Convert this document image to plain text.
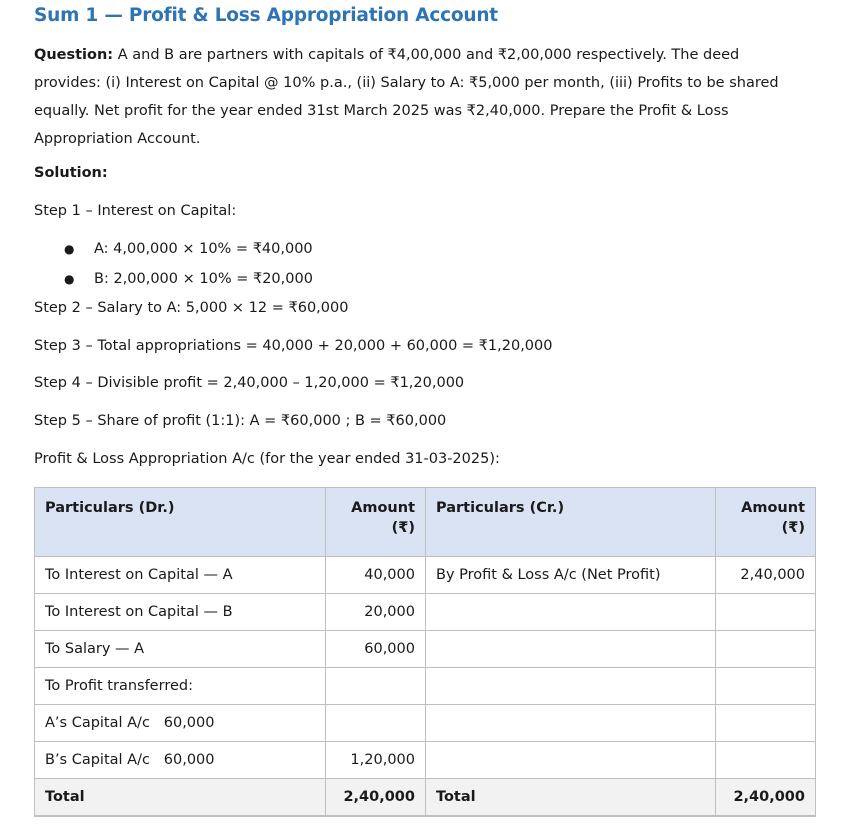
Sum 1 — Profit & Loss Appropriation Account

Question: A and B are partners with capitals of ₹4,00,000 and ₹2,00,000 respectively. The deed provides: (i) Interest on Capital @ 10% p.a., (ii) Salary to A: ₹5,000 per month, (iii) Profits to be shared equally. Net profit for the year ended 31st March 2025 was ₹2,40,000. Prepare the Profit & Loss Appropriation Account.

Solution:
Step 1 – Interest on Capital:
● A: 4,00,000 × 10% = ₹40,000
● B: 2,00,000 × 10% = ₹20,000
Step 2 – Salary to A: 5,000 × 12 = ₹60,000
Step 3 – Total appropriations = 40,000 + 20,000 + 60,000 = ₹1,20,000
Step 4 – Divisible profit = 2,40,000 – 1,20,000 = ₹1,20,000
Step 5 – Share of profit (1:1): A = ₹60,000 ; B = ₹60,000
Profit & Loss Appropriation A/c (for the year ended 31-03-2025):
Particulars (Dr.)	Amount (₹)	Particulars (Cr.)	Amount (₹)
To Interest on Capital — A	40,000	By Profit & Loss A/c (Net Profit)	2,40,000
To Interest on Capital — B	20,000		
To Salary — A	60,000		
To Profit transferred:			
A’s Capital A/c   60,000			
B’s Capital A/c   60,000	1,20,000		
Total	2,40,000	Total	2,40,000
